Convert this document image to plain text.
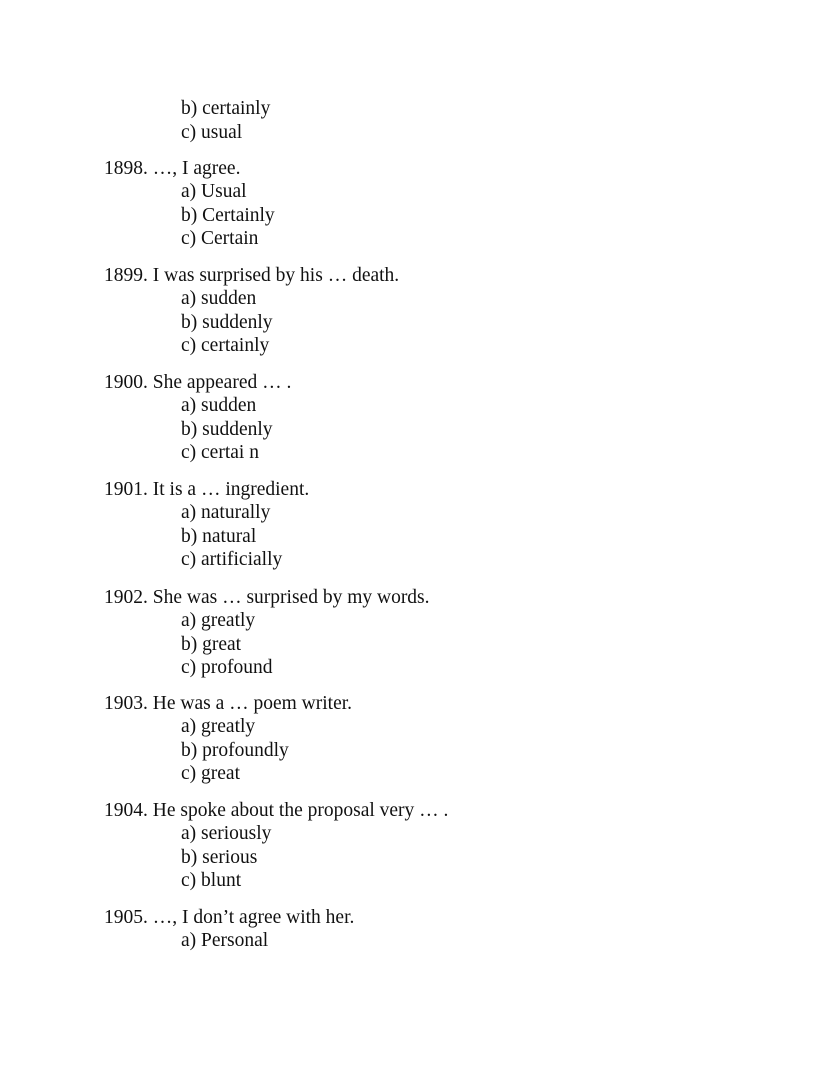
b) certainly
c) usual
1898. …, I agree.
a) Usual
b) Certainly
c) Certain
1899. I was surprised by his … death.
a) sudden
b) suddenly
c) certainly
1900. She appeared … .
a) sudden
b) suddenly
c) certai n
1901. It is a … ingredient.
a) naturally
b) natural
c) artificially
1902. She was … surprised by my words.
a) greatly
b) great
c) profound
1903. He was a … poem writer.
a) greatly
b) profoundly
c) great
1904. He spoke about the proposal very … .
a) seriously
b) serious
c) blunt
1905. …, I don’t agree with her.
a) Personal
